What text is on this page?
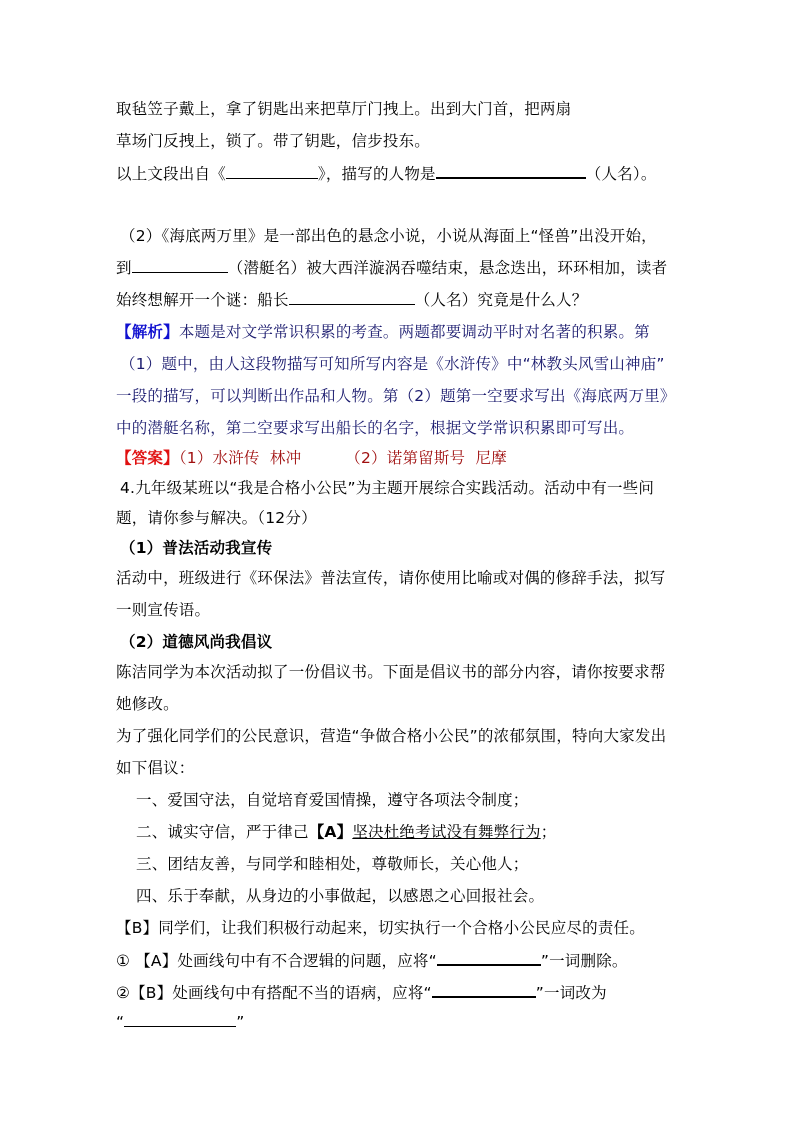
取毡笠子戴上，拿了钥匙出来把草厅门拽上。出到大门首，把两扇
草场门反拽上，锁了。带了钥匙，信步投东。
以上文段出自《	》，描写的人物是	（人名）。
（2）《海底两万里》是一部出色的悬念小说，小说从海面上“怪兽”出没开始，
到	（潜艇名）被大西洋漩涡吞噬结束，悬念迭出，环环相加，读者
始终想解开一个谜：船长	（人名）究竟是什么人？
【解析】本题是对文学常识积累的考查。两题都要调动平时对名著的积累。第
（1）题中，由人这段物描写可知所写内容是《水浒传》中“林教头风雪山神庙”
一段的描写，可以判断出作品和人物。第（2）题第一空要求写出《海底两万里》
中的潜艇名称，第二空要求写出船长的名字，根据文学常识积累即可写出。
【答案】（1）水浒传  林冲	（2）诺第留斯号  尼摩
4.九年级某班以“我是合格小公民”为主题开展综合实践活动。活动中有一些问
题，请你参与解决。（12分）
（1）普法活动我宣传
活动中，班级进行《环保法》普法宣传，请你使用比喻或对偶的修辞手法，拟写
一则宣传语。
（2）道德风尚我倡议
陈洁同学为本次活动拟了一份倡议书。下面是倡议书的部分内容，请你按要求帮
她修改。
为了强化同学们的公民意识，营造“争做合格小公民”的浓郁氛围，特向大家发出
如下倡议：
一、爱国守法，自觉培育爱国情操，遵守各项法令制度；
二、诚实守信，严于律己【A】坚决杜绝考试没有舞弊行为；
三、团结友善，与同学和睦相处，尊敬师长，关心他人；
四、乐于奉献，从身边的小事做起，以感恩之心回报社会。
【B】同学们，让我们积极行动起来，切实执行一个合格小公民应尽的责任。
① 【A】处画线句中有不合逻辑的问题，应将“	”一词删除。
②【B】处画线句中有搭配不当的语病，应将“	”一词改为
“	”
